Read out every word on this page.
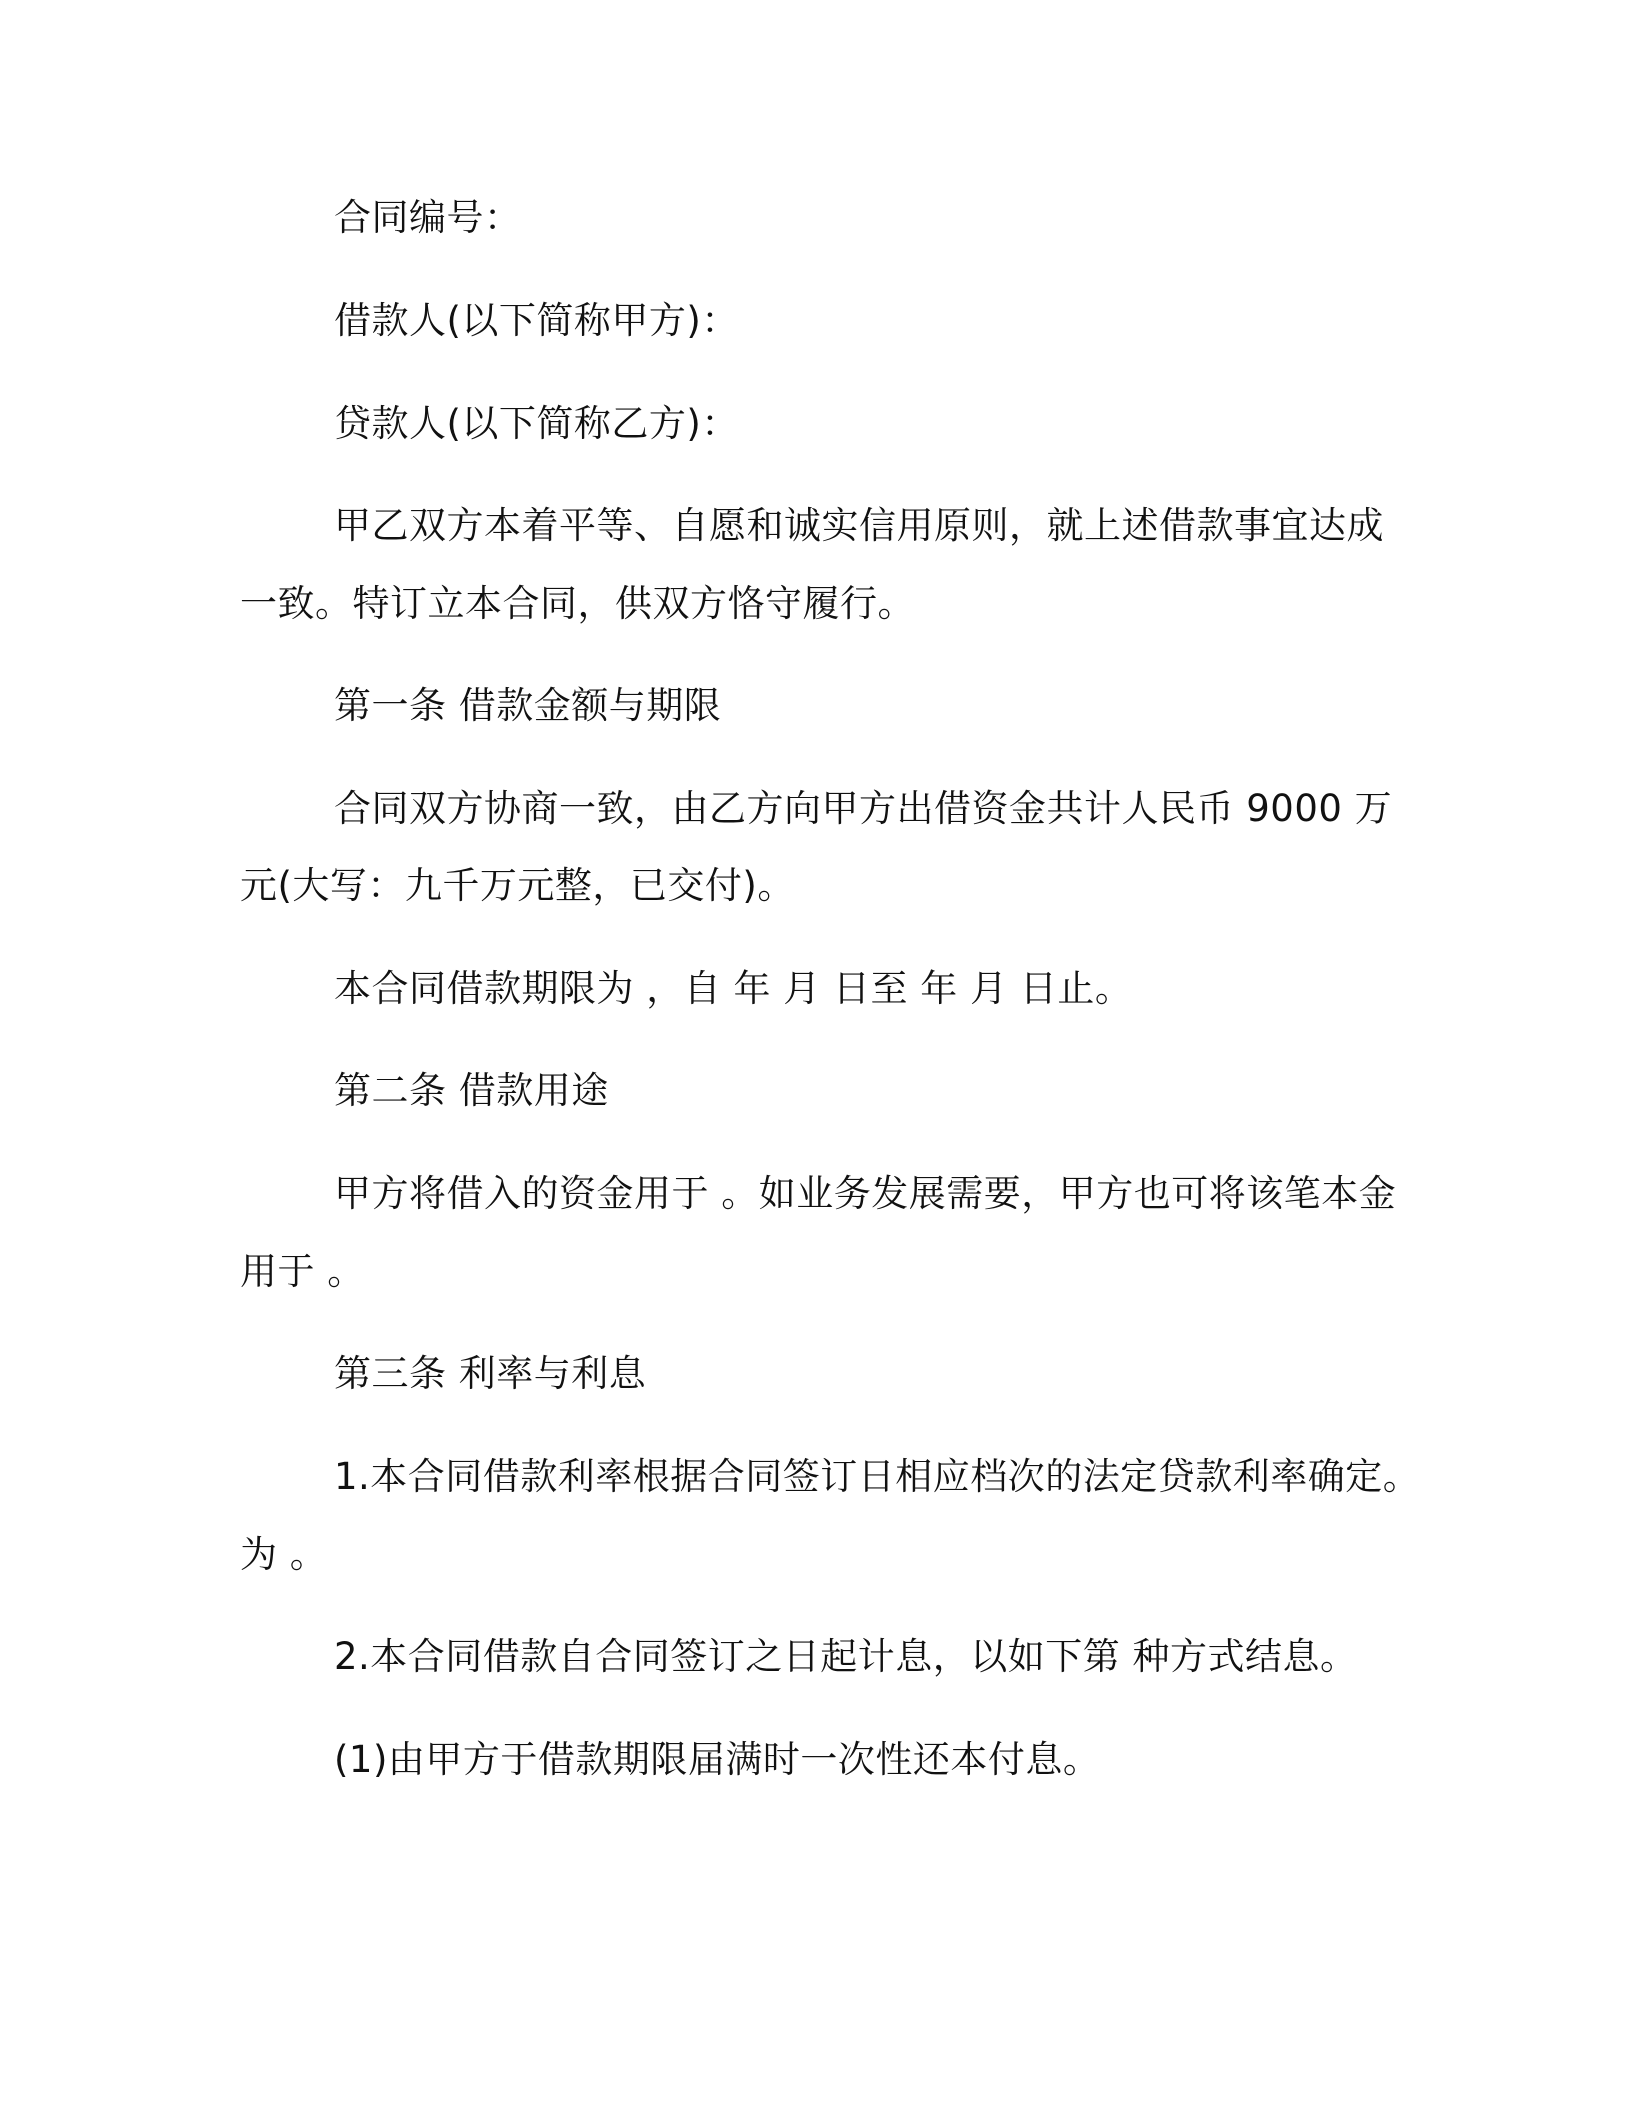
合同编号：

借款人(以下简称甲方)：

贷款人(以下简称乙方)：

甲乙双方本着平等、自愿和诚实信用原则，就上述借款事宜达成

一致。特订立本合同，供双方恪守履行。

第一条 借款金额与期限

合同双方协商一致，由乙方向甲方出借资金共计人民币 9000 万

元(大写：九千万元整，已交付)。

本合同借款期限为 ，自 年 月 日至 年 月 日止。

第二条 借款用途

甲方将借入的资金用于 。如业务发展需要，甲方也可将该笔本金

用于 。

第三条 利率与利息

1.本合同借款利率根据合同签订日相应档次的法定贷款利率确定。

为 。

2.本合同借款自合同签订之日起计息，以如下第 种方式结息。

(1)由甲方于借款期限届满时一次性还本付息。
